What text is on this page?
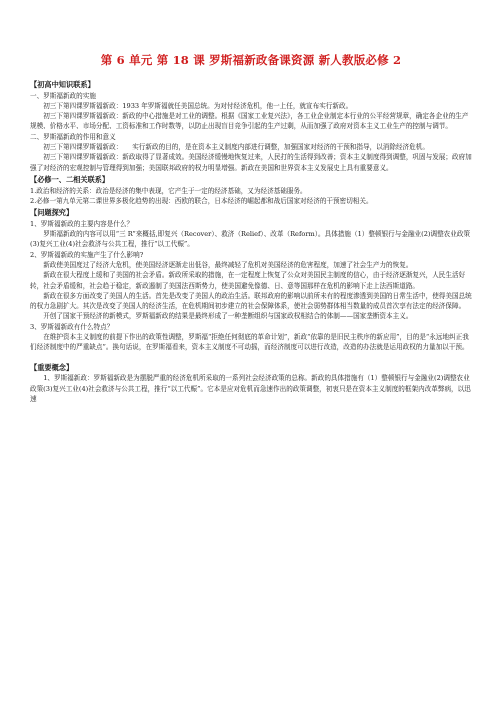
第 6 单元 第 18 课 罗斯福新政备课资源 新人教版必修 2
【初高中知识联系】
一、罗斯福新政的实施
初三下第四课罗斯福新政：1933 年罗斯福就任美国总统。为对付经济危机，他一上任，就宣布实行新政。
初三下第四课罗斯福新政：新政的中心措施是对工业的调整。根据《国家工业复兴法》，各工业企业制定本行业的公平经营规章，确定各企业的生产规模、价格水平、市场分配、工资标准和工作时数等，以防止出现盲目竞争引起的生产过剩，从而加强了政府对资本主义工业生产的控制与调节。
二、罗斯福新政的作用和意义
初三下第四课罗斯福新政：　　实行新政的目的，是在资本主义制度内部进行调整，加强国家对经济的干预和指导，以消除经济危机。
初三下第四课罗斯福新政：新政取得了显著成效。美国经济缓慢地恢复过来，人民打的生活得到改善；资本主义制度得到调整，巩固与发展；政府加强了对经济的宏观控制与管理得到加强；美国联邦政府的权力明显增强。新政在美国和世界资本主义发展史上具有重要意义。
【必修一、二相关联系】
1.政治和经济的关系：政治是经济的集中表现，它产生于一定的经济基础，又为经济基础服务。
2.必修一第九单元第二课世界多极化趋势的出现：西欧的联合，日本经济的崛起都和战后国家对经济的干预密切相关。
【问题探究】
1、罗斯福新政的主要内容是什么？
罗斯福新政的内容可以用“三 R”来概括,即复兴（Recover）、救济（Relief）、改革（Reform）。具体措施（1）整顿银行与金融业(2)调整农业政策(3)复兴工业(4)社会救济与公共工程，推行“以工代赈”。
2、罗斯福新政的实施产生了什么影响?
新政使美国度过了经济大危机，使美国经济逐渐走出低谷，最终减轻了危机对美国经济的危害程度，加速了社会生产力的恢复。
新政在很大程度上缓和了美国的社会矛盾。新政所采取的措施，在一定程度上恢复了公众对美国民主制度的信心，由于经济逐渐复兴，人民生活好转，社会矛盾缓和，社会趋于稳定，新政遏制了美国法西斯势力，使美国避免像德、日、意等国那样在危机的影响下走上法西斯道路。
新政在很多方面改变了美国人的生活。首先是改变了美国人的政治生活。联邦政府的影响以前所未有的程度渗透到美国的日常生活中，使得美国总统的权力急剧扩大。其次是改变了美国人的经济生活，在危机期间初步建立的社会保障体系，使社会弱势群体相当数量的成员首次享有法定的经济保障。
开创了国家干预经济的新模式，罗斯福新政的结果是最终形成了一种垄断组织与国家政权相结合的体制——国家垄断资本主义。
3、罗斯福新政有什么特点？
在维护资本主义制度的前提下作出的政策性调整，罗斯福“拒绝任何彻底的革命计划”，新政“依靠的是旧民主秩序的新应用”，目的是“永远地纠正我们经济制度中的严重缺点”。换句话说，在罗斯福看来，资本主义制度不可动摇，而经济制度可以进行改造，改造的办法就是运用政权的力量加以干预。
【重要概念】
1、罗斯福新政：罗斯福新政是为摆脱严重的经济危机所采取的一系列社会经济政策的总称。新政的具体措施有（1）整顿银行与金融业(2)调整农业政策(3)复兴工业(4)社会救济与公共工程，推行“以工代赈”。它本是应对危机而急速作出的政策调整，初衷只是在资本主义制度的框架内改革弊病，以迅速
